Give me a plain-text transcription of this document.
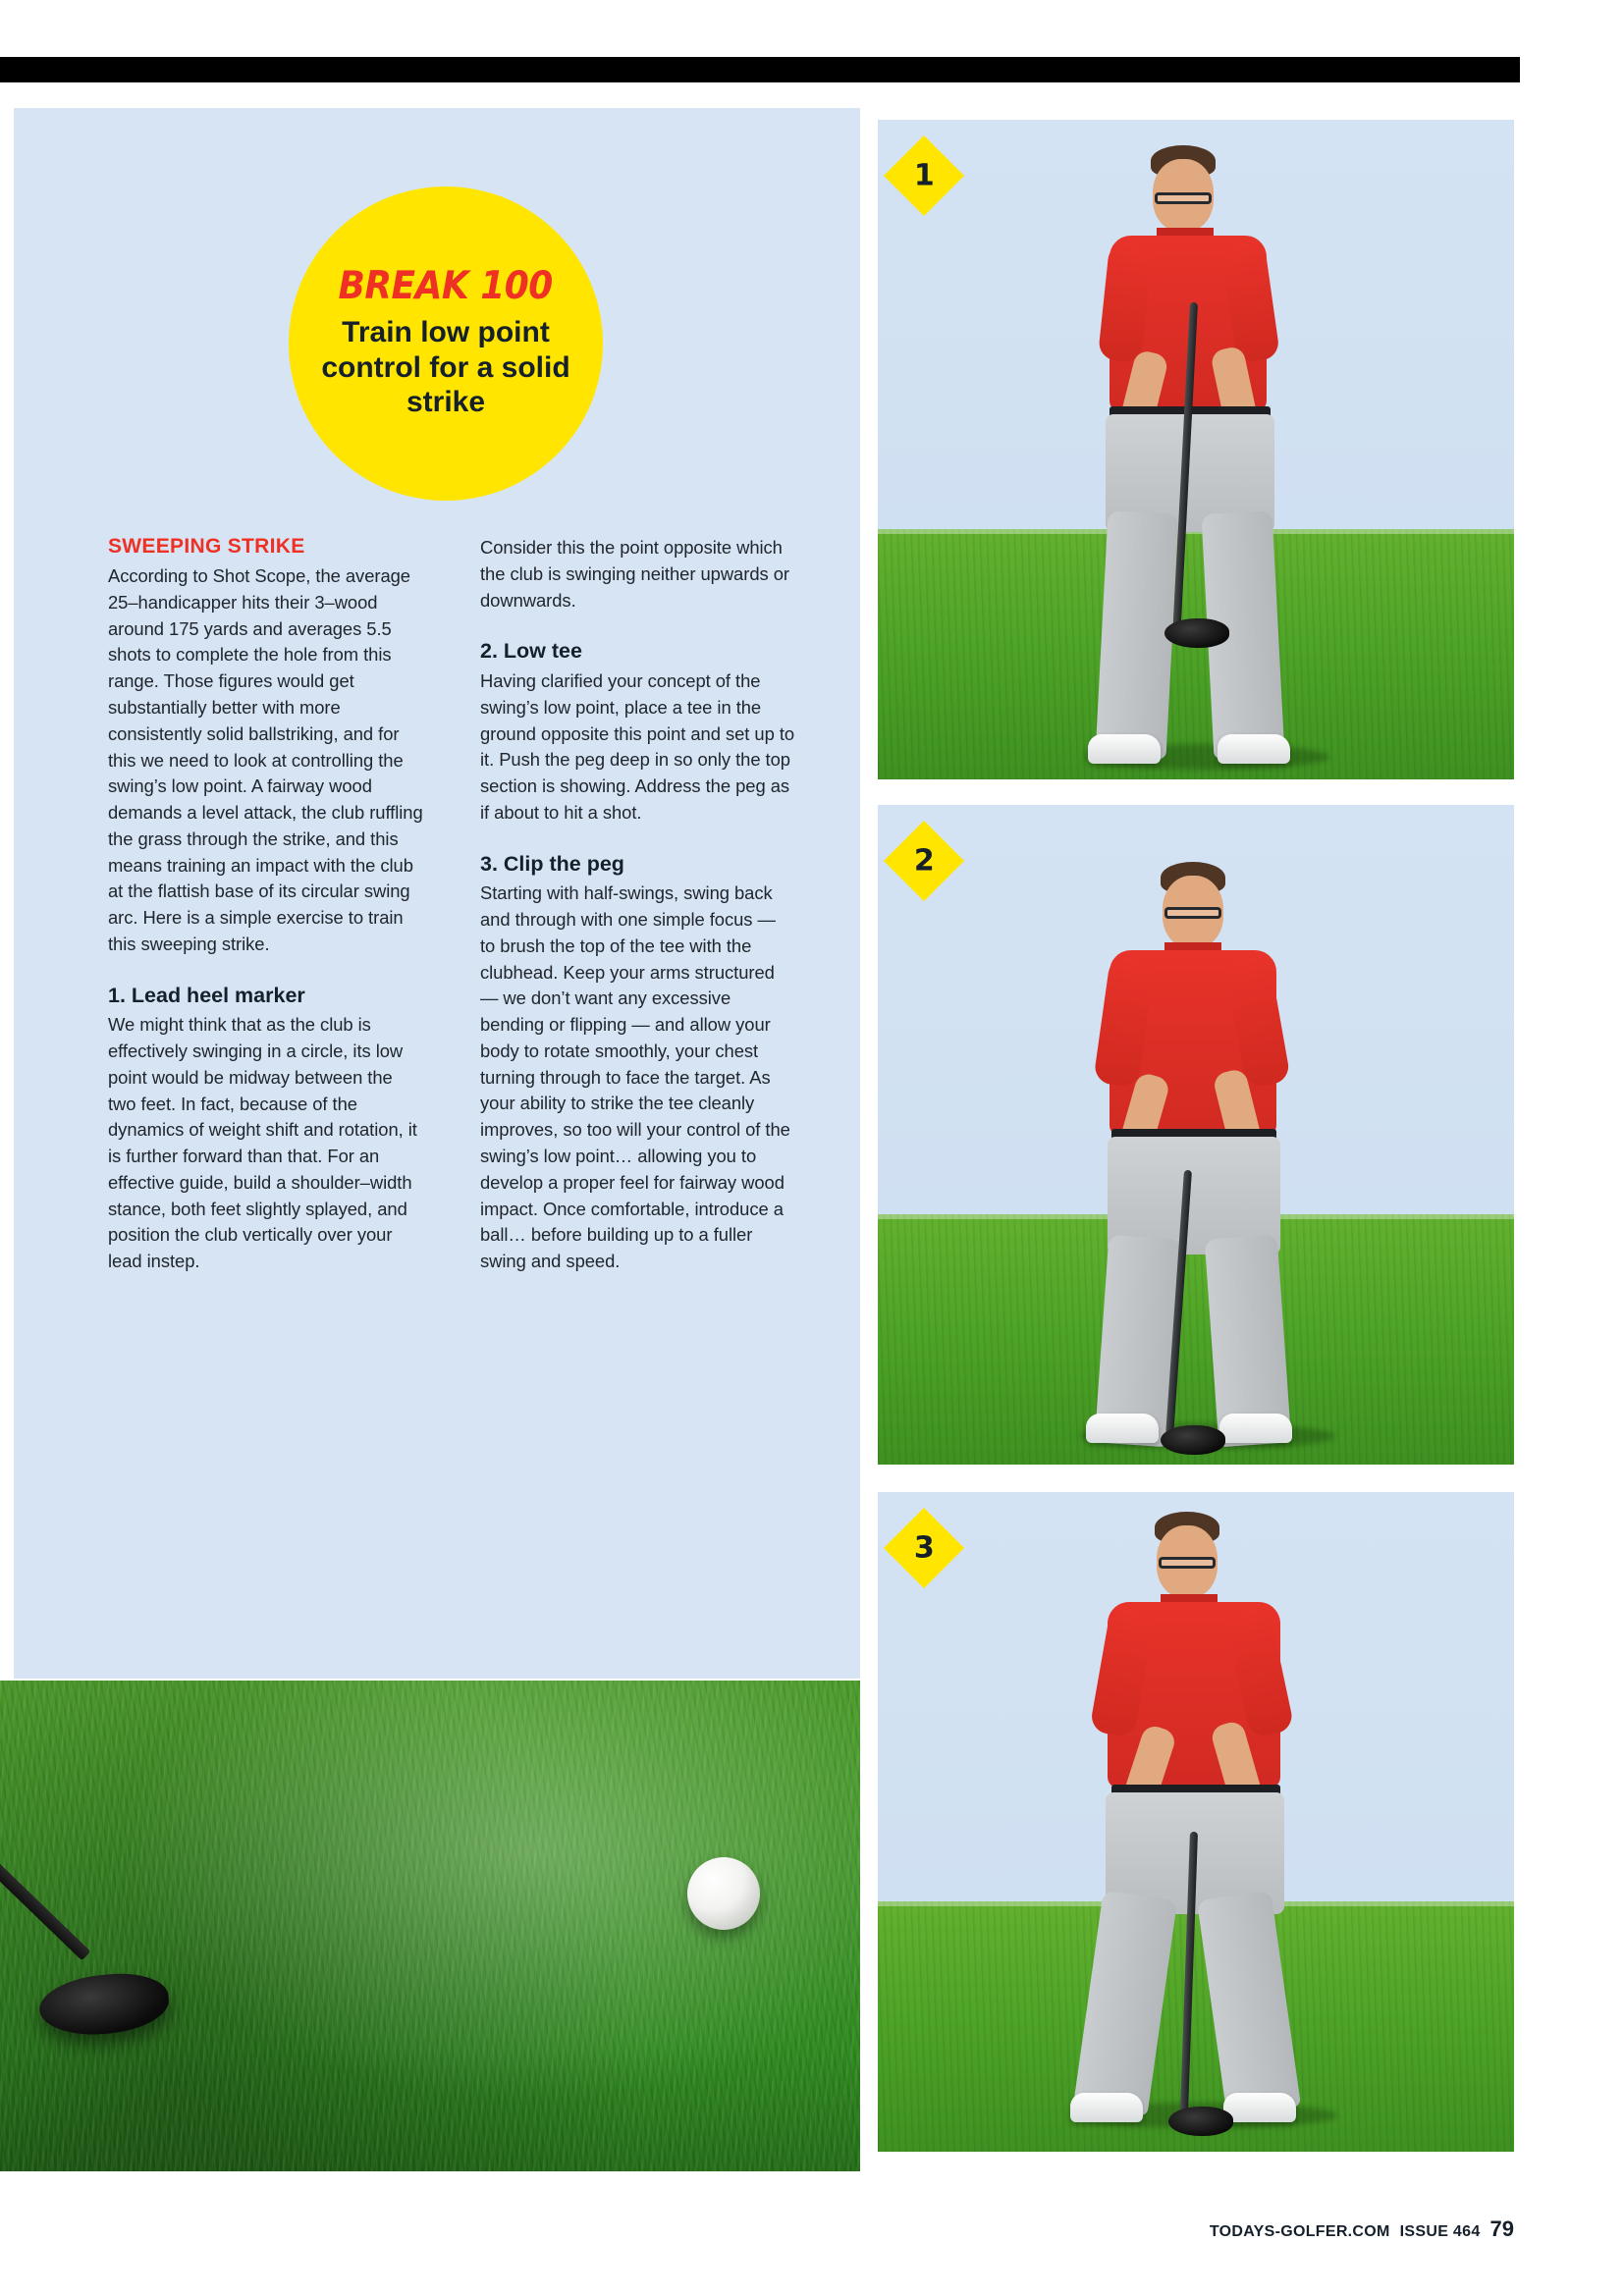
BREAK 100
Train low point control for a solid strike
SWEEPING STRIKE

According to Shot Scope, the average 25–handicapper hits their 3–wood around 175 yards and averages 5.5 shots to complete the hole from this range. Those figures would get substantially better with more consistently solid ballstriking, and for this we need to look at controlling the swing’s low point. A fairway wood demands a level attack, the club ruffling the grass through the strike, and this means training an impact with the club at the flattish base of its circular swing arc. Here is a simple exercise to train this sweeping strike.

1. Lead heel marker

We might think that as the club is effectively swinging in a circle, its low point would be midway between the two feet. In fact, because of the dynamics of weight shift and rotation, it is further forward than that. For an effective guide, build a shoulder–width stance, both feet slightly splayed, and position the club vertically over your lead instep.

Consider this the point opposite which the club is swinging neither upwards or downwards.

2. Low tee

Having clarified your concept of the swing’s low point, place a tee in the ground opposite this point and set up to it. Push the peg deep in so only the top section is showing. Address the peg as if about to hit a shot.

3. Clip the peg

Starting with half-swings, swing back and through with one simple focus — to brush the top of the tee with the clubhead. Keep your arms structured — we don’t want any excessive bending or flipping — and allow your body to rotate smoothly, your chest turning through to face the target. As your ability to strike the tee cleanly improves, so too will your control of the swing’s low point… allowing you to develop a proper feel for fairway wood impact. Once comfortable, introduce a ball… before building up to a fuller swing and speed.

1
2
3
TODAYS-GOLFER.COM ISSUE 464 79
